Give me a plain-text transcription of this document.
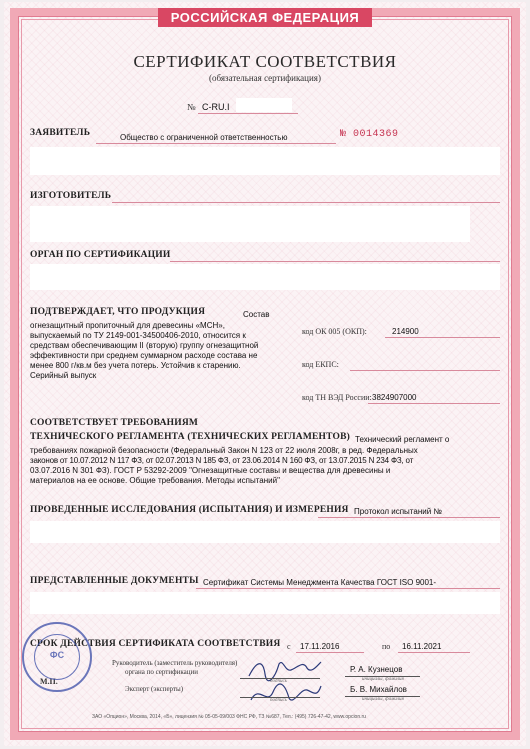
РОССИЙСКАЯ ФЕДЕРАЦИЯ
СЕРТИФИКАТ СООТВЕТСТВИЯ
(обязательная сертификация)
№ C-RU.I
ЗАЯВИТЕЛЬ	Общество с ограниченной ответственностью	№ 0014369
ИЗГОТОВИТЕЛЬ
ОРГАН ПО СЕРТИФИКАЦИИ
ПОДТВЕРЖДАЕТ, ЧТО ПРОДУКЦИЯ	Состав
огнезащитный пропиточный для древесины «МСН»,
выпускаемый по ТУ 2149-001-34500406-2010, относится к
средствам обеспечивающим II (вторую) группу огнезащитной
эффективности при среднем суммарном расходе состава не
менее 800 г/кв.м без учета потерь. Устойчив к старению.
Серийный выпуск
код ОК 005 (ОКП):	214900
код ЕКПС:
код ТН ВЭД России: 3824907000
СООТВЕТСТВУЕТ ТРЕБОВАНИЯМ
ТЕХНИЧЕСКОГО РЕГЛАМЕНТА (ТЕХНИЧЕСКИХ РЕГЛАМЕНТОВ) Технический регламент о
требованиях пожарной безопасности (Федеральный Закон N 123 от 22 июля 2008г, в ред. Федеральных
законов от 10.07.2012 N 117 ФЗ, от 02.07.2013 N 185 ФЗ, от 23.06.2014 N 160 ФЗ, от 13.07.2015 N 234 ФЗ, от
03.07.2016 N 301 ФЗ). ГОСТ Р 53292-2009 "Огнезащитные составы и вещества для древесины и
материалов на ее основе. Общие требования. Методы испытаний"
ПРОВЕДЕННЫЕ ИССЛЕДОВАНИЯ (ИСПЫТАНИЯ) И ИЗМЕРЕНИЯ Протокол испытаний №
ПРЕДСТАВЛЕННЫЕ ДОКУМЕНТЫ Сертификат Системы Менеджмента Качества ГОСТ ISO 9001-
СРОК ДЕЙСТВИЯ СЕРТИФИКАТА СООТВЕТСТВИЯ с 17.11.2016	по 16.11.2021
Руководитель (заместитель руководителя)
органа по сертификации
М.П.	подпись
Р. А. Кузнецов
инициалы, фамилия
Эксперт (эксперты)
подпись
Б. В. Михайлов
инициалы, фамилия
ФС
ЗАО «Опцион», Москва, 2014, «Б», лицензия № 05-05-09/003 ФНС РФ, ТЗ №687, Тел.: (495) 726-47-42, www.opcion.ru
